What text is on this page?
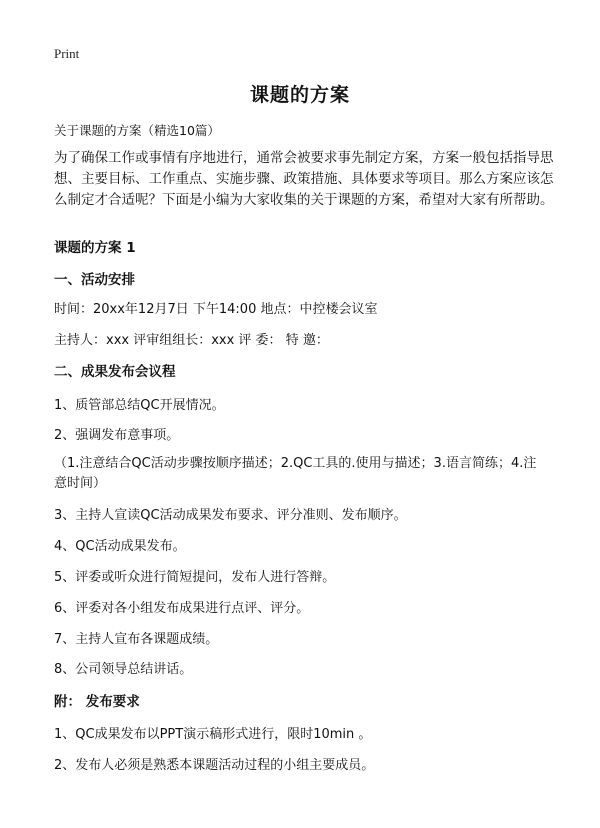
Print
课题的方案

关于课题的方案（精选10篇）

为了确保工作或事情有序地进行，通常会被要求事先制定方案，方案一般包括指导思想、主要目标、工作重点、实施步骤、政策措施、具体要求等项目。那么方案应该怎么制定才合适呢？下面是小编为大家收集的关于课题的方案，希望对大家有所帮助。

课题的方案 1

一、活动安排

时间：20xx年12月7日 下午14:00 地点：中控楼会议室

主持人：xxx 评审组组长：xxx 评 委： 特 邀：

二、成果发布会议程

1、质管部总结QC开展情况。

2、强调发布意事项。

（1.注意结合QC活动步骤按顺序描述；2.QC工具的.使用与描述；3.语言简练；4.注意时间）

3、主持人宣读QC活动成果发布要求、评分准则、发布顺序。

4、QC活动成果发布。

5、评委或听众进行简短提问，发布人进行答辩。

6、评委对各小组发布成果进行点评、评分。

7、主持人宣布各课题成绩。

8、公司领导总结讲话。

附： 发布要求

1、QC成果发布以PPT演示稿形式进行，限时10min 。

2、发布人必须是熟悉本课题活动过程的小组主要成员。
